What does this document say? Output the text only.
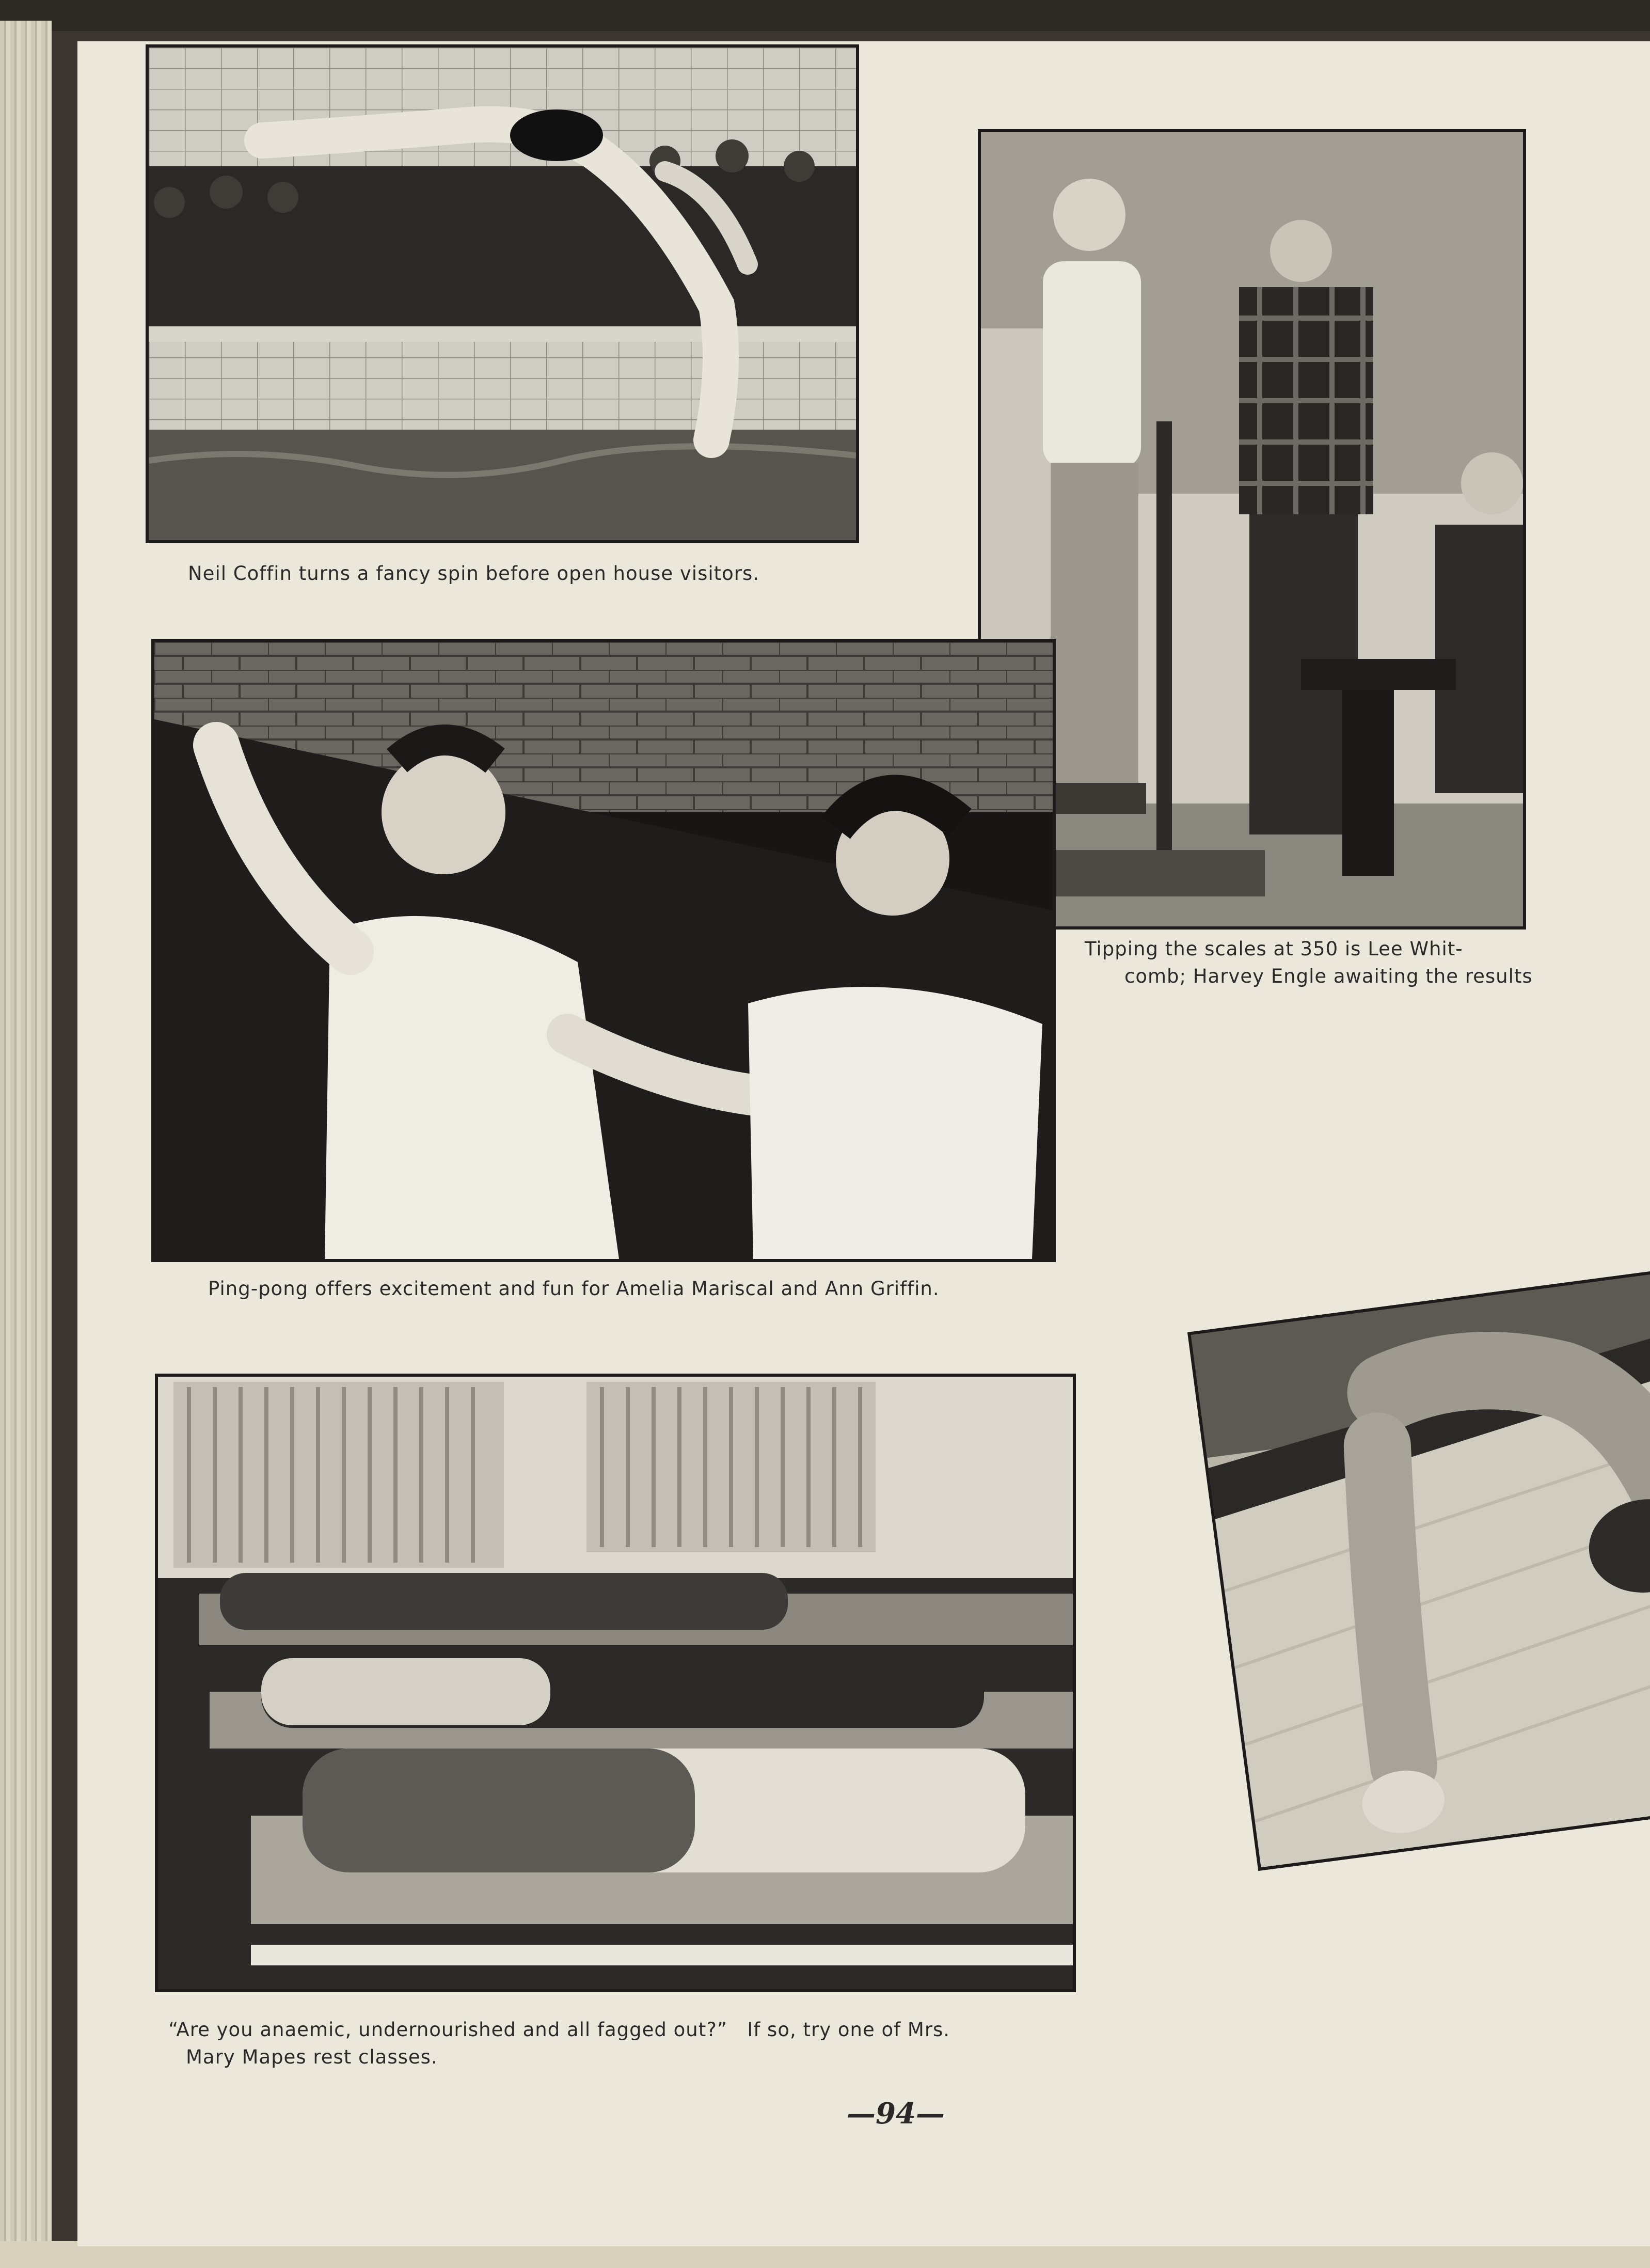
Neil Coffin turns a fancy spin before open house visitors.
Tipping the scales at 350 is Lee Whit-
comb; Harvey Engle awaiting the results
Ping-pong offers excitement and fun for Amelia Mariscal and Ann Griffin.
“Are you anaemic, undernourished and all fagged out?”   If so, try one of Mrs.
Mary Mapes rest classes.
—94—
